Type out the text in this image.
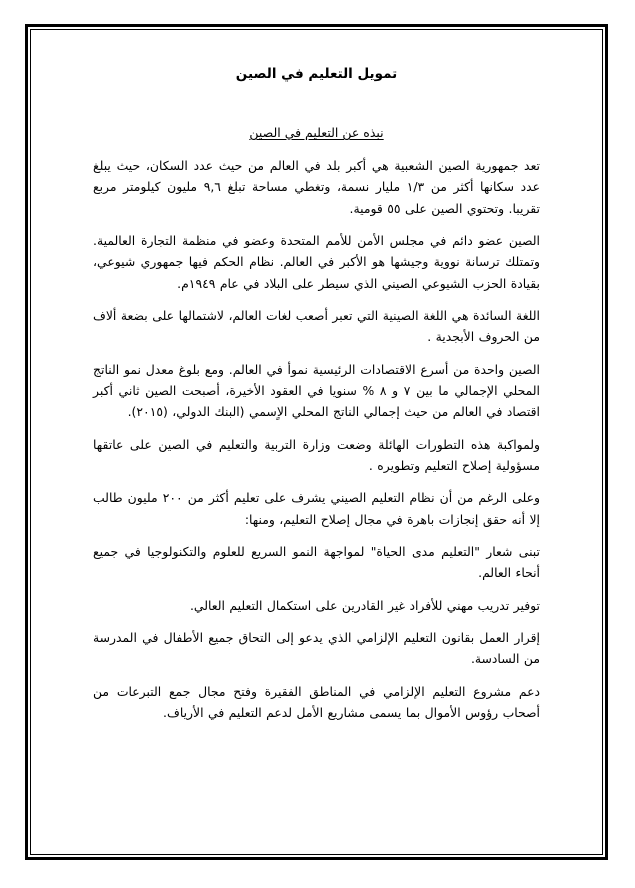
تمويل التعليم في الصين
نبذه عن التعليم في الصين

تعد جمهورية الصين الشعبية هي أكبر بلد في العالم من حيث عدد السكان، حيث يبلغ عدد سكانها أكثر من ١/٣ مليار نسمة، وتغطي مساحة تبلغ ٩,٦ مليون كيلومتر مربع تقريبا. وتحتوي الصين على ٥٥ قومية.

الصين عضو دائم في مجلس الأمن للأمم المتحدة وعضو في منظمة التجارة العالمية. وتمتلك ترسانة نووية وجيشها هو الأكبر في العالم. نظام الحكم فيها جمهوري شيوعي، بقيادة الحزب الشيوعي الصيني الذي سيطر على البلاد في عام ١٩٤٩م.

اللغة السائدة هي اللغة الصينية التي تعبر أصعب لغات العالم، لاشتمالها على بضعة ألاف من الحروف الأبجدية .

الصين واحدة من أسرع الاقتصادات الرئيسية نموأ في العالم. ومع بلوغ معدل نمو الناتج المحلي الإجمالي ما بين ٧ و ٨ % سنويا في العقود الأخيرة، أصبحت الصين ثاني أكبر اقتصاد في العالم من حيث إجمالي الناتج المحلي الاٍسمي (البنك الدولي، (٢٠١٥).

ولمواكبة هذه التطورات الهائلة وضعت وزارة التربية والتعليم في الصين على عاتقها مسؤولية إصلاح التعليم وتطويره .

وعلى الرغم من أن نظام التعليم الصيني يشرف على تعليم أكثر من ٢٠٠ مليون طالب إلا أنه حقق إنجازات باهرة في مجال إصلاح التعليم، ومنها:

تبنى شعار "التعليم مدى الحياة" لمواجهة النمو السريع للعلوم والتكنولوجيا في جميع أنحاء العالم.

توفير تدريب مهني للأفراد غير القادرين على استكمال التعليم العالي.

إقرار العمل بقانون التعليم الإلزامي الذي يدعو إلى التحاق جميع الأطفال في المدرسة من السادسة.

دعم مشروع التعليم الإلزامي في المناطق الفقيرة وفتح مجال جمع التبرعات من أصحاب رؤوس الأموال بما يسمى مشاريع الأمل لدعم التعليم في الأرياف.
